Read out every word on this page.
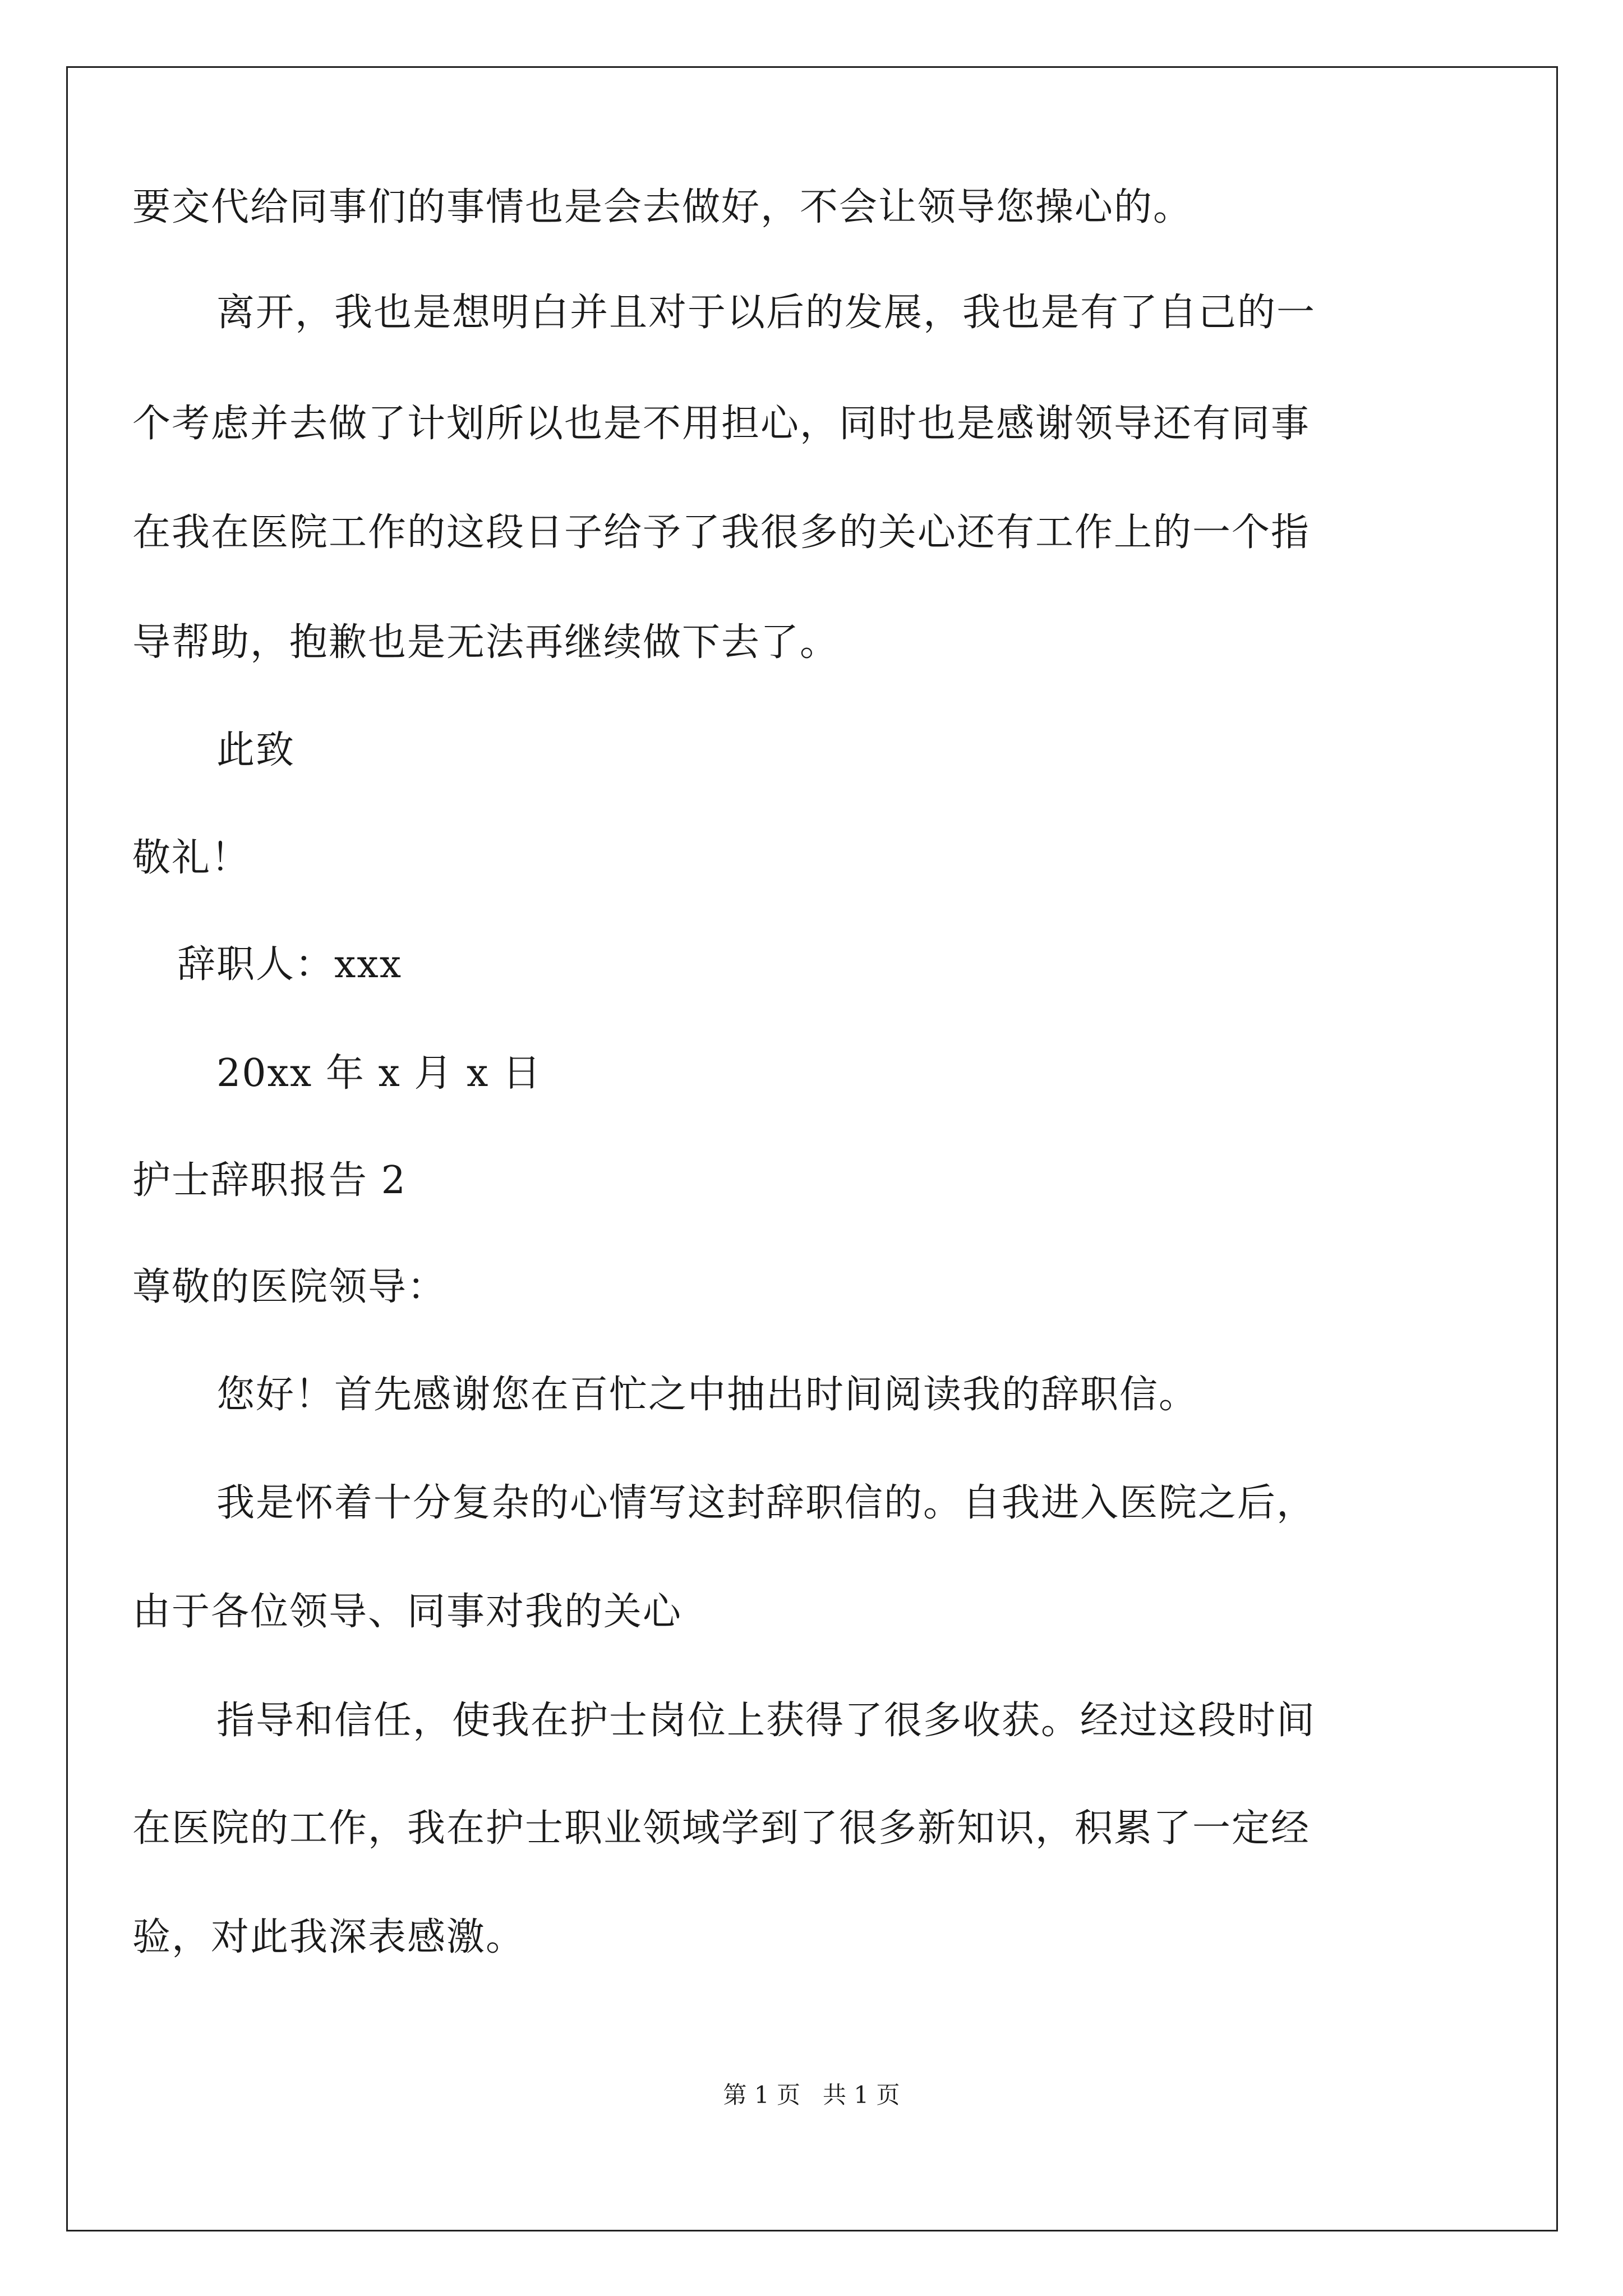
要交代给同事们的事情也是会去做好，不会让领导您操心的。
离开，我也是想明白并且对于以后的发展，我也是有了自己的一
个考虑并去做了计划所以也是不用担心，同时也是感谢领导还有同事
在我在医院工作的这段日子给予了我很多的关心还有工作上的一个指
导帮助，抱歉也是无法再继续做下去了。
此致
敬礼！
辞职人：xxx
20xx 年 x 月 x 日
护士辞职报告 2
尊敬的医院领导：
您好！首先感谢您在百忙之中抽出时间阅读我的辞职信。
我是怀着十分复杂的心情写这封辞职信的。自我进入医院之后，
由于各位领导、同事对我的关心
指导和信任，使我在护士岗位上获得了很多收获。经过这段时间
在医院的工作，我在护士职业领域学到了很多新知识，积累了一定经
验，对此我深表感激。
第 1 页   共 1 页
